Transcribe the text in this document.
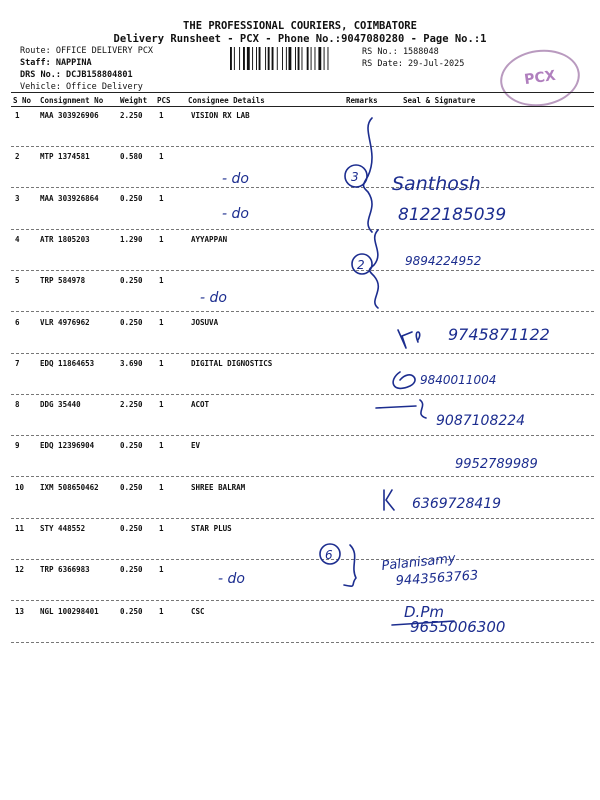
THE PROFESSIONAL COURIERS, COIMBATORE
Delivery Runsheet - PCX - Phone No.:9047080280 - Page No.:1
Route: OFFICE DELIVERY PCX
Staff: NAPPINA
DRS No.: DCJB158804801
Vehicle: Office Delivery
RS No.: 1588048
RS Date: 29-Jul-2025
PCX
S No Consignment No Weight PCS Consignee Details	Remarks	Seal & Signature
1	MAA 303926906	2.250 1	VISION RX LAB
2	MTP 1374581	0.580 1
3	MAA 303926864	0.250 1
4	ATR 1805203	1.290 1	AYYAPPAN
5	TRP 584978	0.250 1
6	VLR 4976962	0.250 1	JOSUVA
7	EDQ 11864653	3.690 1	DIGITAL DIGNOSTICS
8	DDG 35440	2.250 1	ACOT
9	EDQ 12396904	0.250 1	EV
10 IXM 508650462	0.250 1	SHREE BALRAM
11 STY 448552	0.250 1	STAR PLUS
12 TRP 6366983	0.250 1
13 NGL 100298401	0.250 1	CSC
- do
- do
- do
- do
3
2
6
Santhosh
8122185039
9894224952
9745871122
9840011004
9087108224
9952789989
6369728419
Palanisamy
9443563763
D.Pm
9655006300
